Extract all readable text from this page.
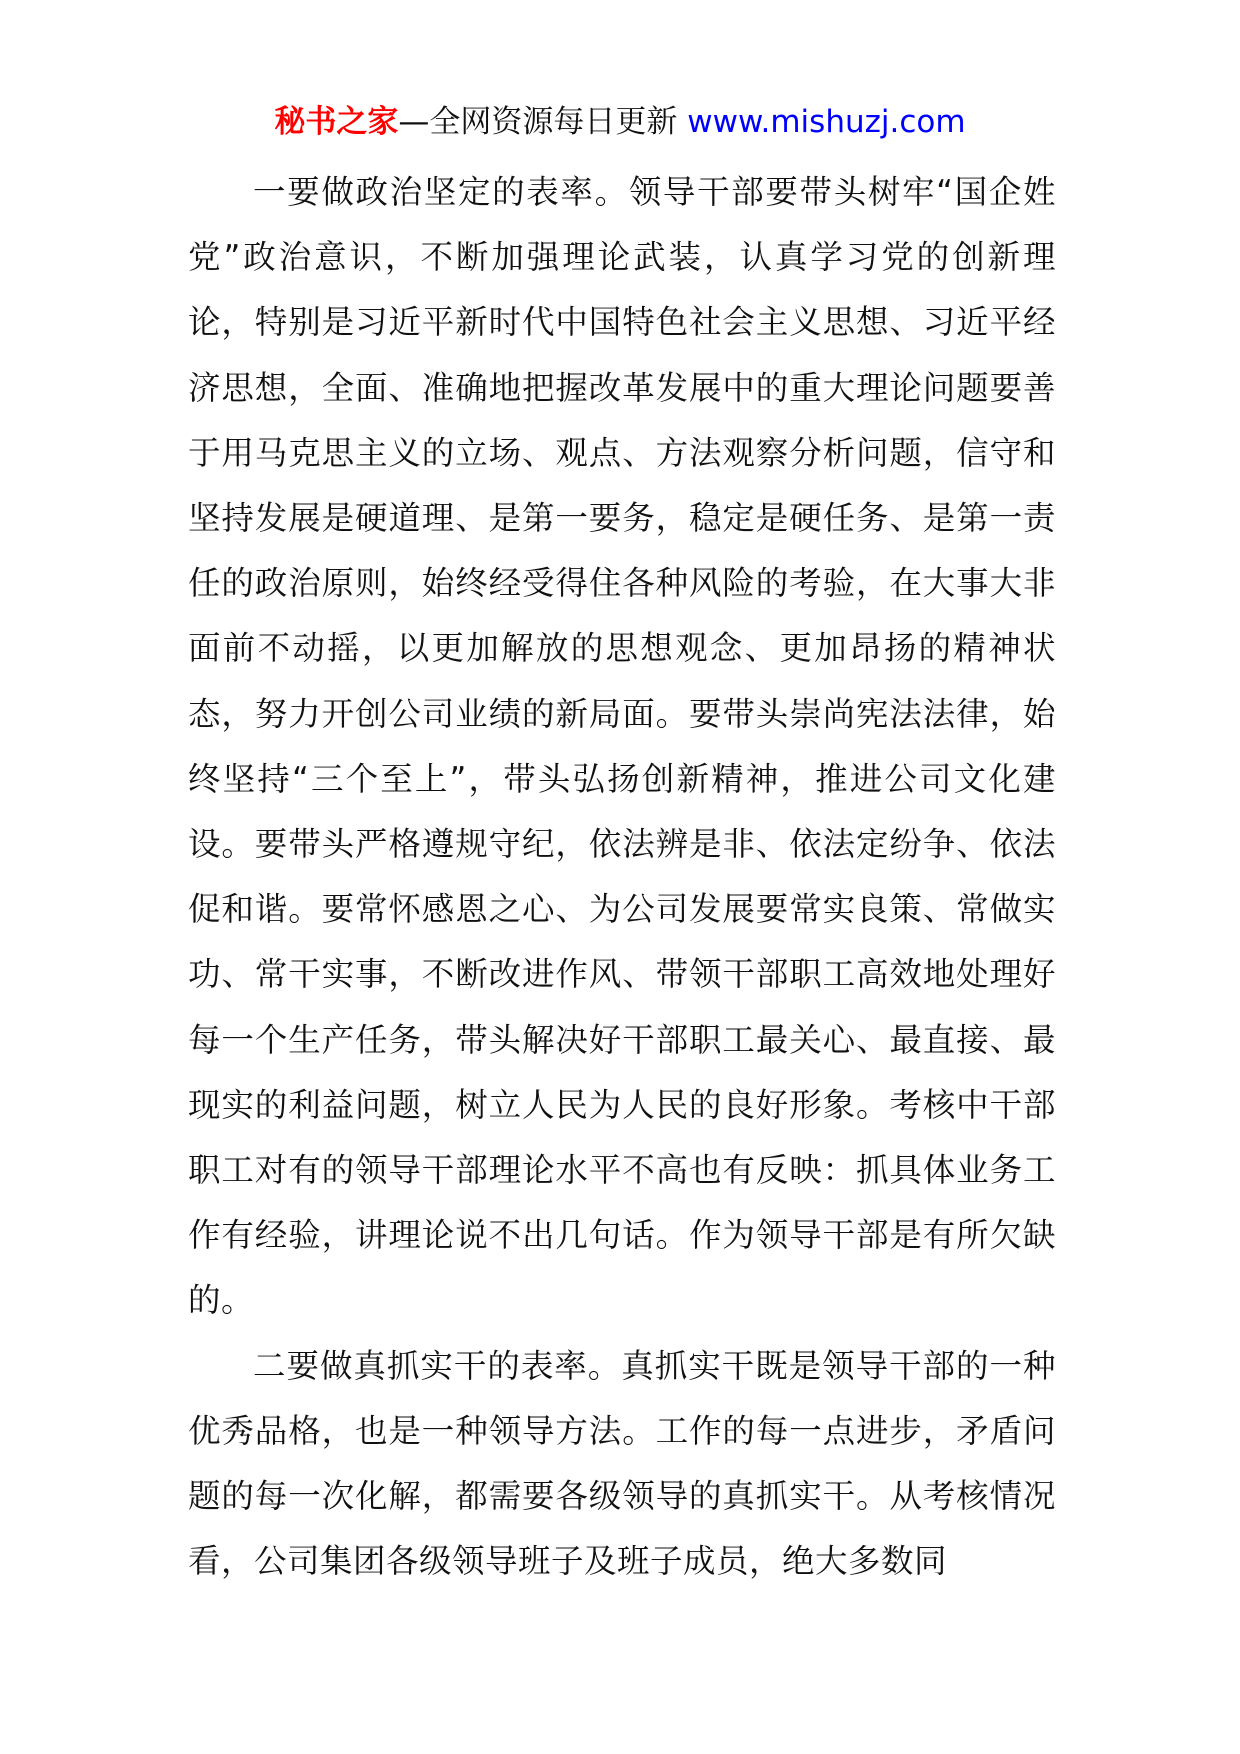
秘书之家—全网资源每日更新 www.mishuzj.com

一要做政治坚定的表率。领导干部要带头树牢“国企姓党”政治意识，不断加强理论武装，认真学习党的创新理论，特别是习近平新时代中国特色社会主义思想、习近平经济思想，全面、准确地把握改革发展中的重大理论问题要善于用马克思主义的立场、观点、方法观察分析问题，信守和坚持发展是硬道理、是第一要务，稳定是硬任务、是第一责任的政治原则，始终经受得住各种风险的考验，在大事大非面前不动摇，以更加解放的思想观念、更加昂扬的精神状态，努力开创公司业绩的新局面。要带头崇尚宪法法律，始终坚持“三个至上”，带头弘扬创新精神，推进公司文化建设。要带头严格遵规守纪，依法辨是非、依法定纷争、依法促和谐。要常怀感恩之心、为公司发展要常实良策、常做实功、常干实事，不断改进作风、带领干部职工高效地处理好每一个生产任务，带头解决好干部职工最关心、最直接、最现实的利益问题，树立人民为人民的良好形象。考核中干部职工对有的领导干部理论水平不高也有反映：抓具体业务工作有经验，讲理论说不出几句话。作为领导干部是有所欠缺的。

二要做真抓实干的表率。真抓实干既是领导干部的一种优秀品格，也是一种领导方法。工作的每一点进步，矛盾问题的每一次化解，都需要各级领导的真抓实干。从考核情况看，公司集团各级领导班子及班子成员，绝大多数同
